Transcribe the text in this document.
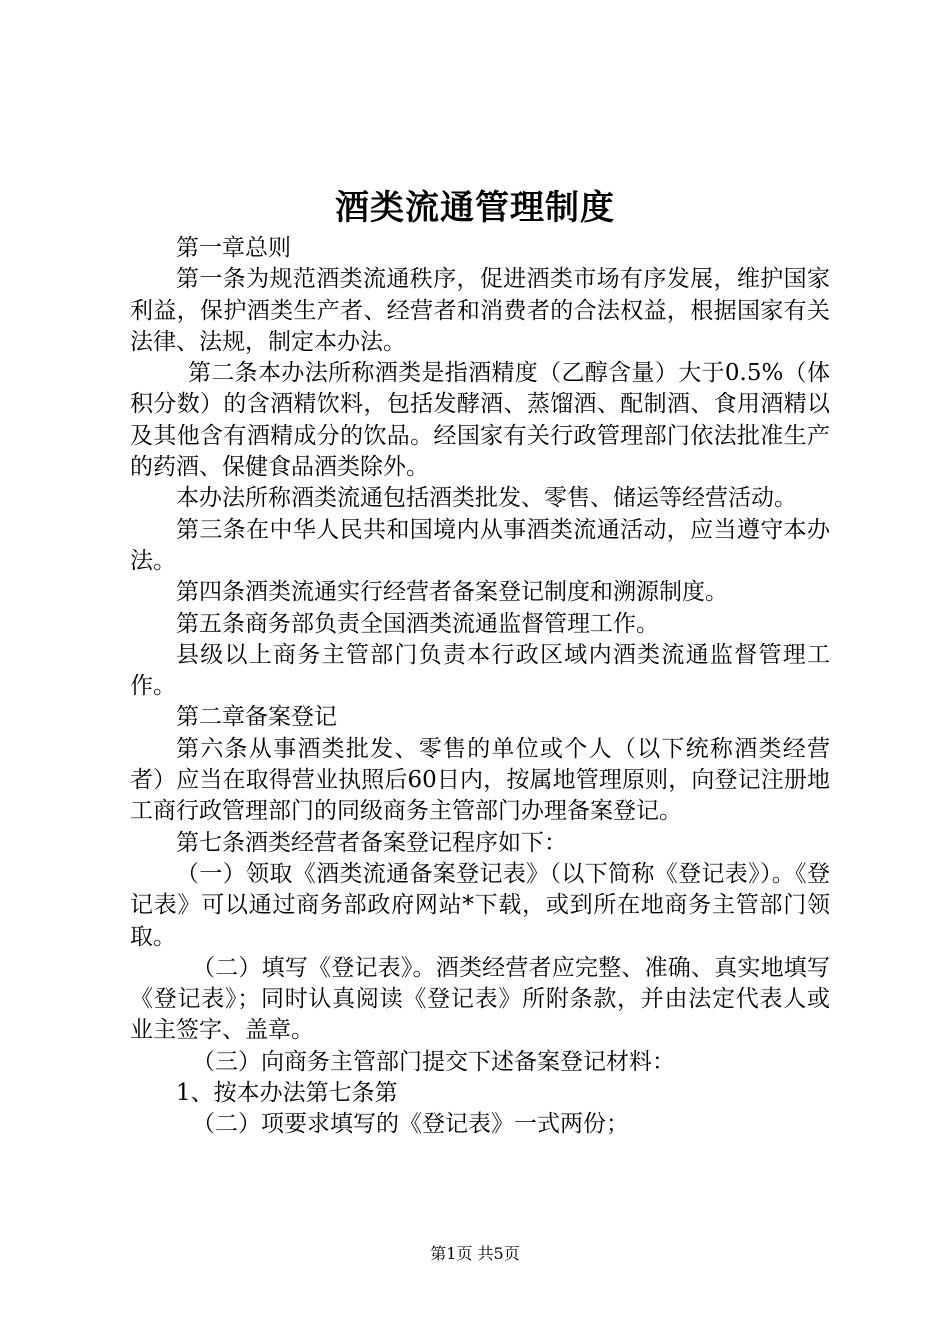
酒类流通管理制度

第一章总则

第一条为规范酒类流通秩序，促进酒类市场有序发展，维护国家利益，保护酒类生产者、经营者和消费者的合法权益，根据国家有关法律、法规，制定本办法。

第二条本办法所称酒类是指酒精度（乙醇含量）大于0.5%（体积分数）的含酒精饮料，包括发酵酒、蒸馏酒、配制酒、食用酒精以及其他含有酒精成分的饮品。经国家有关行政管理部门依法批准生产的药酒、保健食品酒类除外。

本办法所称酒类流通包括酒类批发、零售、储运等经营活动。

第三条在中华人民共和国境内从事酒类流通活动，应当遵守本办法。

第四条酒类流通实行经营者备案登记制度和溯源制度。

第五条商务部负责全国酒类流通监督管理工作。

县级以上商务主管部门负责本行政区域内酒类流通监督管理工作。

第二章备案登记

第六条从事酒类批发、零售的单位或个人（以下统称酒类经营者）应当在取得营业执照后60日内，按属地管理原则，向登记注册地工商行政管理部门的同级商务主管部门办理备案登记。

第七条酒类经营者备案登记程序如下：

（一）领取《酒类流通备案登记表》（以下简称《登记表》）。《登记表》可以通过商务部政府网站*下载，或到所在地商务主管部门领取。

（二）填写《登记表》。酒类经营者应完整、准确、真实地填写《登记表》；同时认真阅读《登记表》所附条款，并由法定代表人或业主签字、盖章。

（三）向商务主管部门提交下述备案登记材料：

1、按本办法第七条第

（二）项要求填写的《登记表》一式两份；

第1页 共5页
